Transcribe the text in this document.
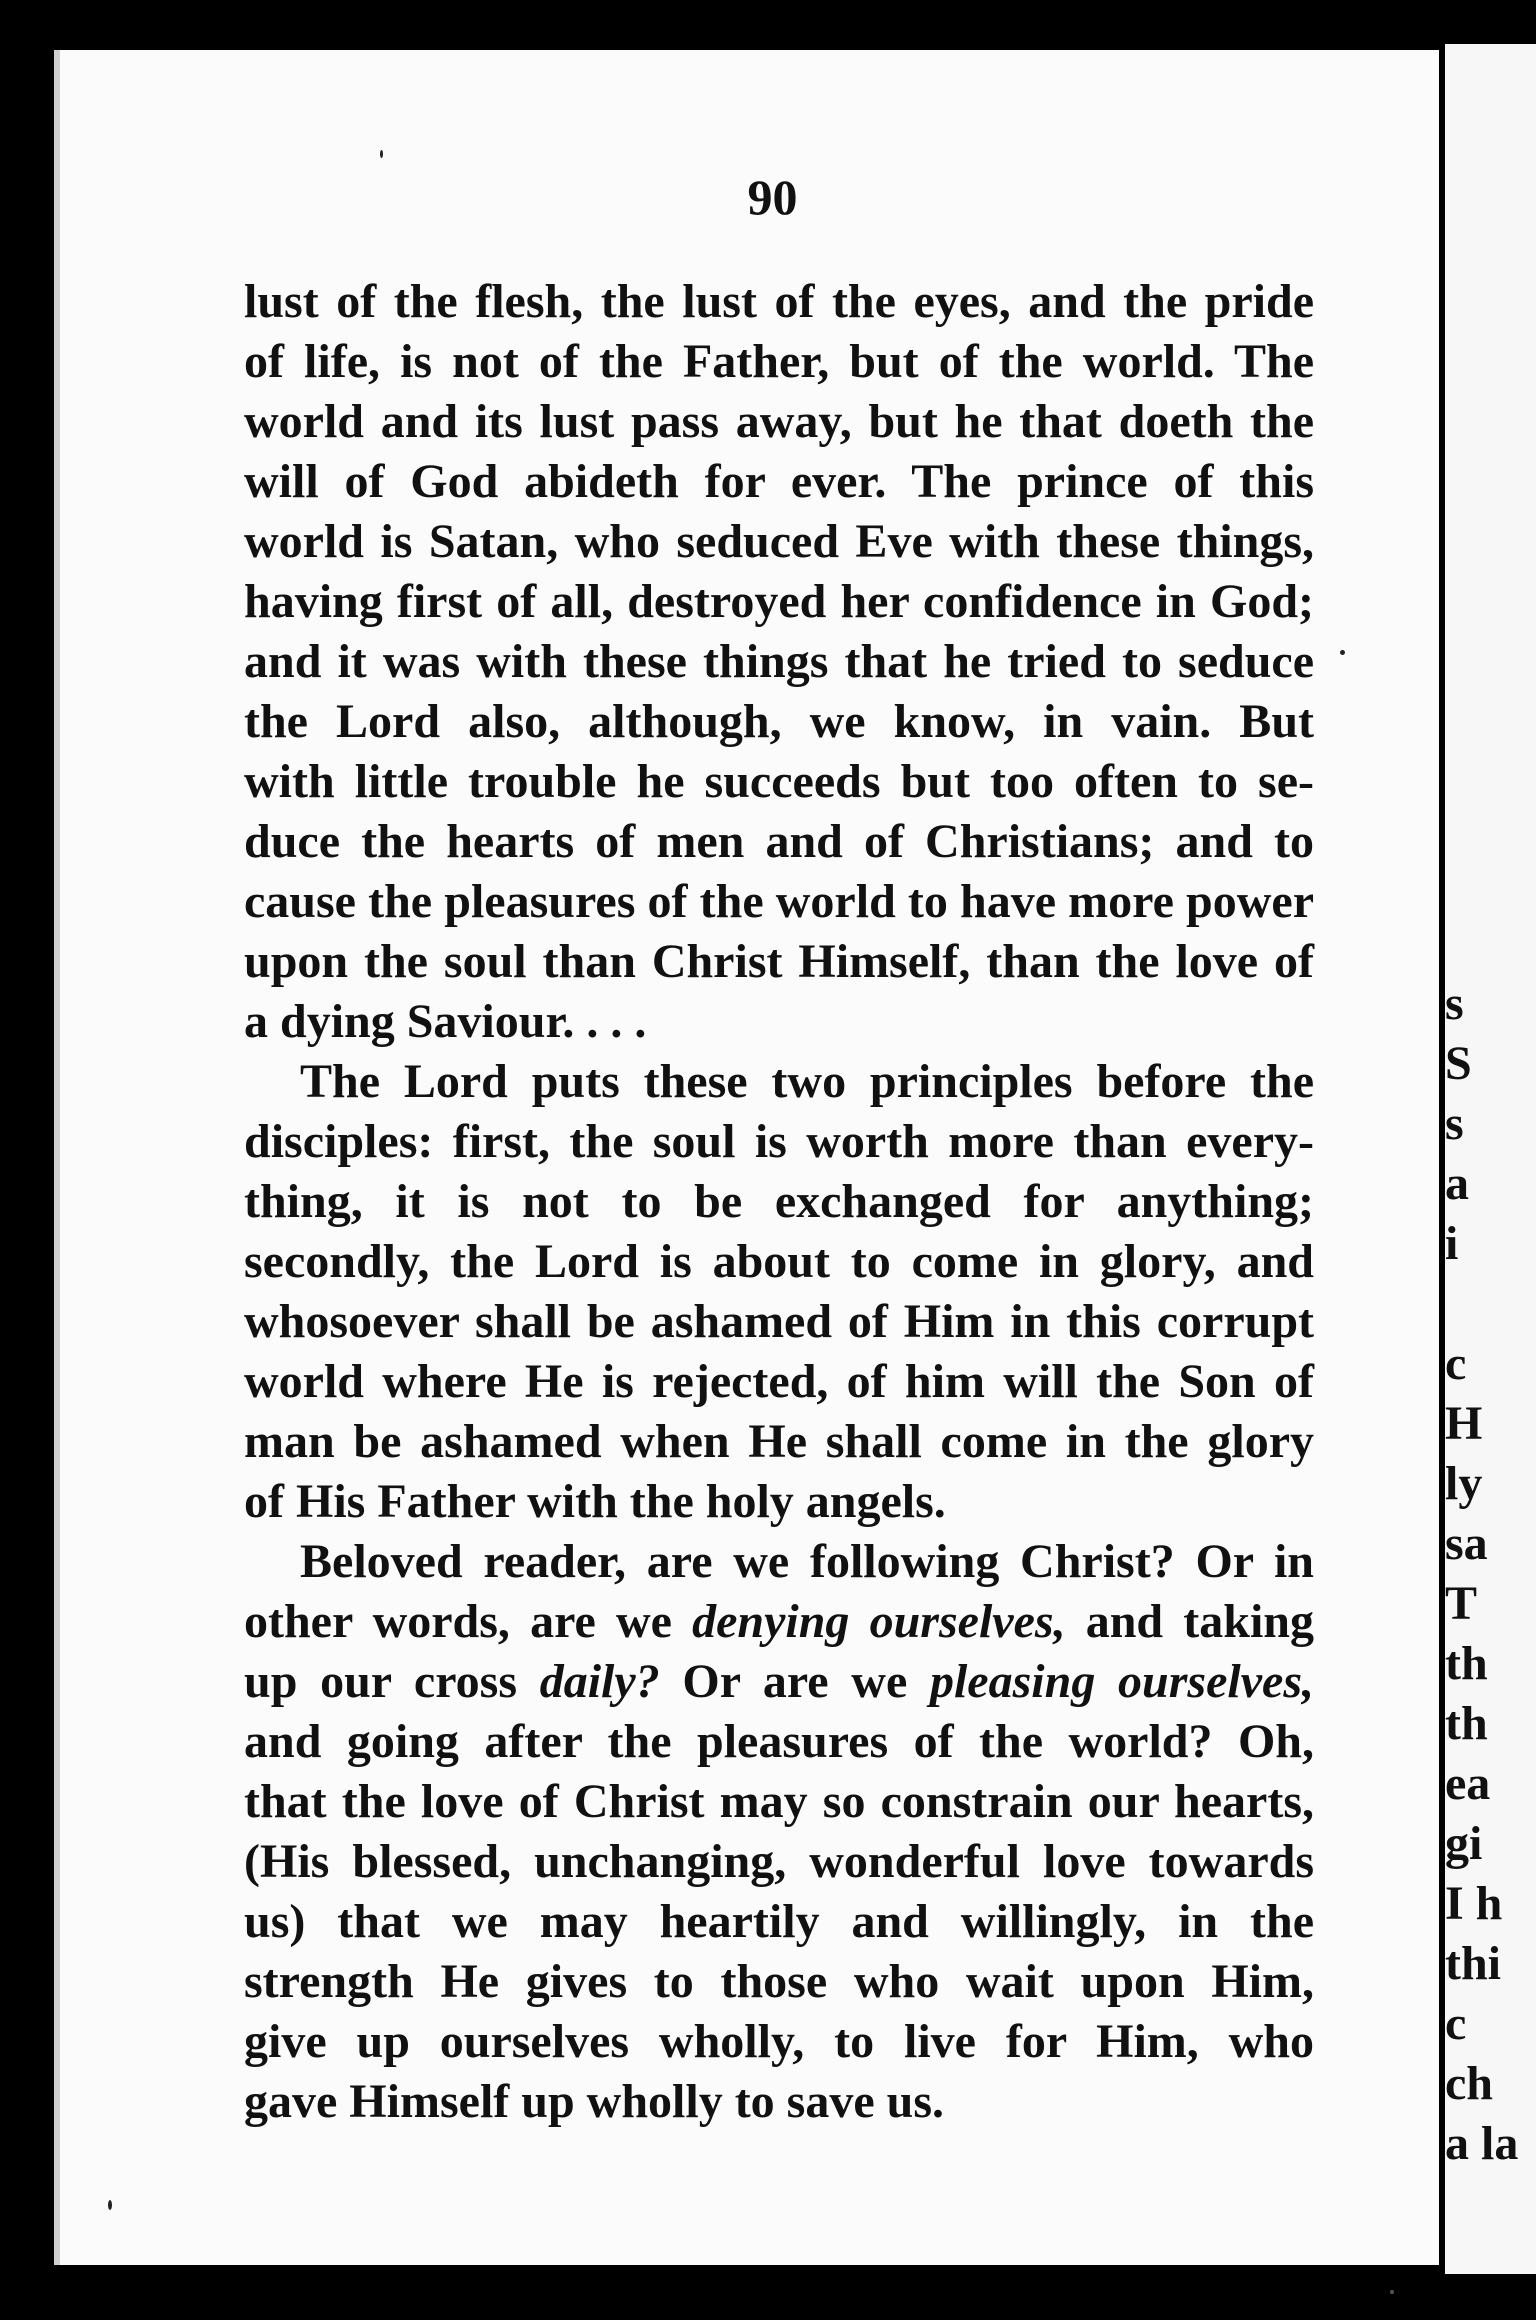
90
lust of the flesh, the lust of the eyes, and the pride
of life, is not of the Father, but of the world. The
world and its lust pass away, but he that doeth the
will of God abideth for ever. The prince of this
world is Satan, who seduced Eve with these things,
having first of all, destroyed her confidence in God;
and it was with these things that he tried to seduce
the Lord also, although, we know, in vain. But
with little trouble he succeeds but too often to se-
duce the hearts of men and of Christians; and to
cause the pleasures of the world to have more power
upon the soul than Christ Himself, than the love of
a dying Saviour. . . .
The Lord puts these two principles before the
disciples: first, the soul is worth more than every-
thing, it is not to be exchanged for anything;
secondly, the Lord is about to come in glory, and
whosoever shall be ashamed of Him in this corrupt
world where He is rejected, of him will the Son of
man be ashamed when He shall come in the glory
of His Father with the holy angels.
Beloved reader, are we following Christ? Or in
other words, are we denying ourselves, and taking
up our cross daily? Or are we pleasing ourselves,
and going after the pleasures of the world? Oh,
that the love of Christ may so constrain our hearts,
(His blessed, unchanging, wonderful love towards
us) that we may heartily and willingly, in the
strength He gives to those who wait upon Him,
give up ourselves wholly, to live for Him, who
gave Himself up wholly to save us.
s
S
s
a
i
c
H
ly
sa
T
th
th
ea
gi
I h
thi
c
ch
a la
